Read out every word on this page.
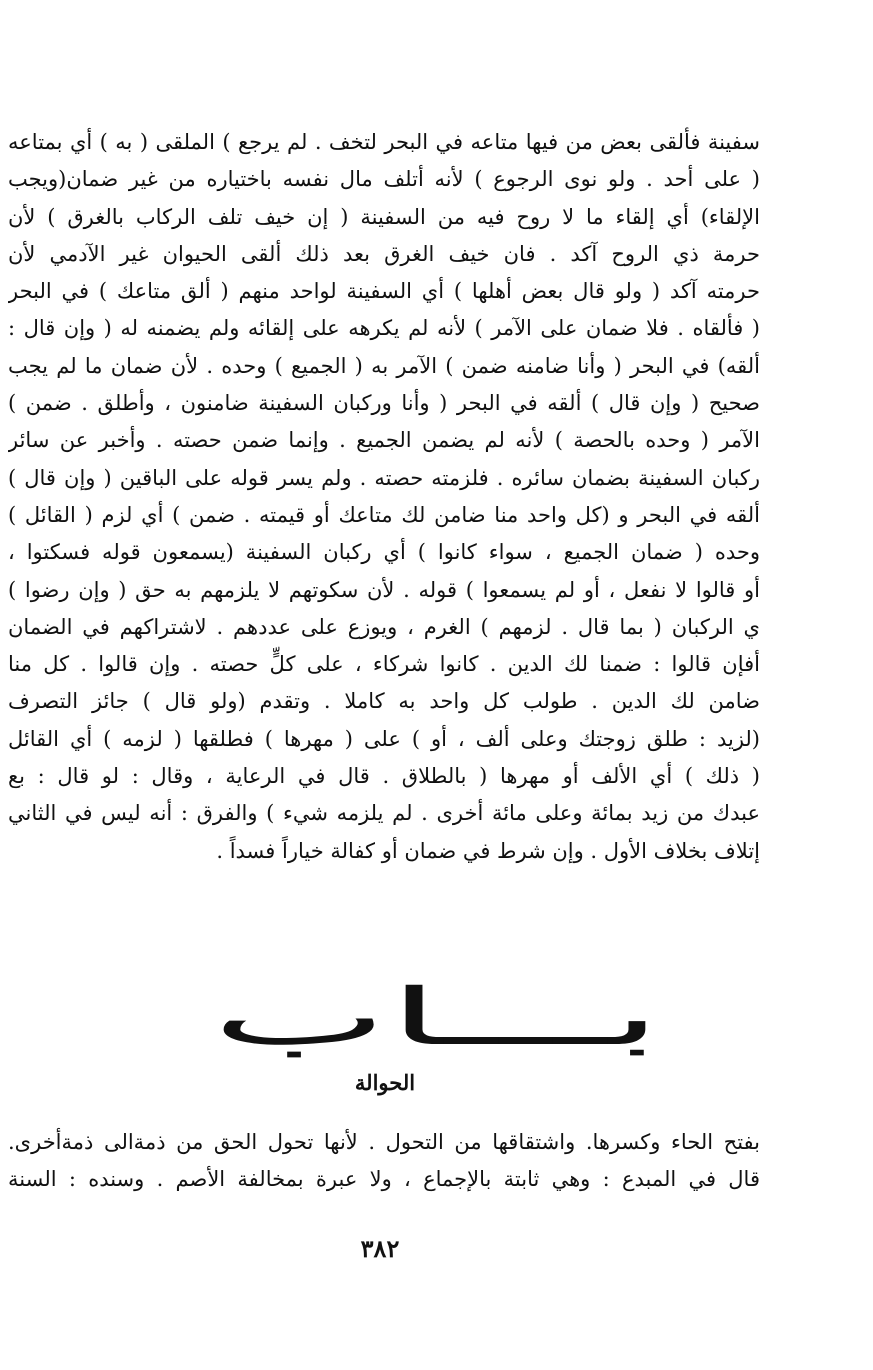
سفينة فألقى بعض من فيها متاعه في البحر لتخف . لم يرجع ) الملقى ( به ) أي بمتاعه
( على أحد . ولو نوى الرجوع ) لأنه أتلف مال نفسه باختياره من غير ضمان(ويجب
الإلقاء) أي إلقاء ما لا روح فيه من السفينة ( إن خيف تلف الركاب بالغرق ) لأن
حرمة ذي الروح آكد . فان خيف الغرق بعد ذلك ألقى الحيوان غير الآدمي لأن
حرمته آكد ( ولو قال بعض أهلها ) أي السفينة لواحد منهم ( ألق متاعك ) في البحر
( فألقاه . فلا ضمان على الآمر ) لأنه لم يكرهه على إلقائه ولم يضمنه له ( وإن قال :
ألقه) في البحر ( وأنا ضامنه ضمن ) الآمر به ( الجميع ) وحده . لأن ضمان ما لم يجب
صحيح ( وإن قال ) ألقه في البحر ( وأنا وركبان السفينة ضامنون ، وأطلق . ضمن )
الآمر ( وحده بالحصة ) لأنه لم يضمن الجميع . وإنما ضمن حصته . وأخبر عن سائر
ركبان السفينة بضمان سائره . فلزمته حصته . ولم يسر قوله على الباقين ( وإن قال )
ألقه في البحر و (كل واحد منا ضامن لك متاعك أو قيمته . ضمن ) أي لزم ( القائل )
وحده ( ضمان الجميع ، سواء كانوا ) أي ركبان السفينة (يسمعون قوله فسكتوا ،
أو قالوا لا نفعل ، أو لم يسمعوا ) قوله . لأن سكوتهم لا يلزمهم به حق ( وإن رضوا )
ي الركبان ( بما قال . لزمهم ) الغرم ، ويوزع على عددهم . لاشتراكهم في الضمان
أفإن قالوا : ضمنا لك الدين . كانوا شركاء ، على كلٍّ حصته . وإن قالوا . كل منا
ضامن لك الدين . طولب كل واحد به كاملا . وتقدم (ولو قال ) جائز التصرف
(لزيد : طلق زوجتك وعلى ألف ، أو ) على ( مهرها ) فطلقها ( لزمه ) أي القائل
( ذلك ) أي الألف أو مهرها ( بالطلاق . قال في الرعاية ، وقال : لو قال : بع
عبدك من زيد بمائة وعلى مائة أخرى . لم يلزمه شيء ) والفرق : أنه ليس في الثاني
إتلاف بخلاف الأول . وإن شرط في ضمان أو كفالة خياراً فسداً .
بـــاب
الحوالة
بفتح الحاء وكسرها. واشتقاقها من التحول . لأنها تحول الحق من ذمةالى ذمةأخرى.
قال في المبدع : وهي ثابتة بالإجماع ، ولا عبرة بمخالفة الأصم . وسنده : السنة
٣٨٢
